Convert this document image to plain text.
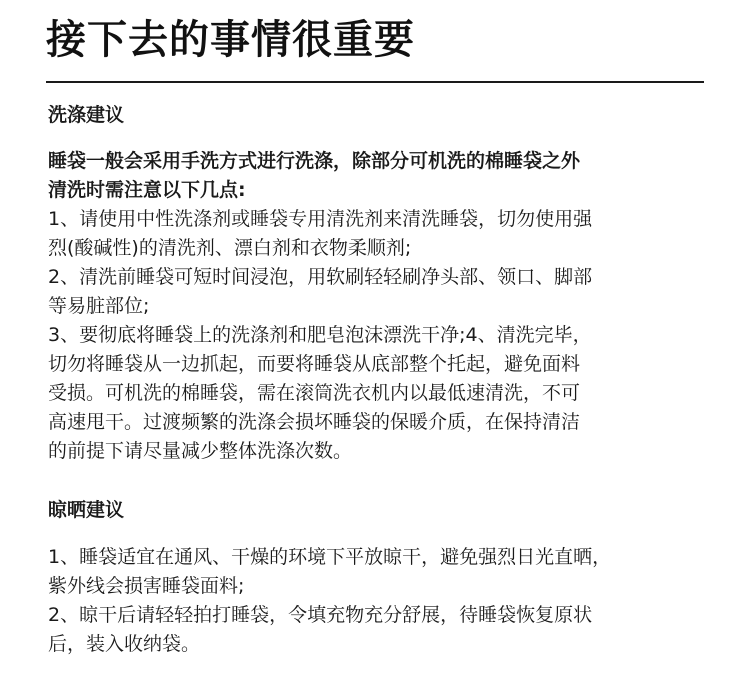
接下去的事情很重要
洗涤建议
睡袋一般会采用手洗方式进行洗涤，除部分可机洗的棉睡袋之外
清洗时需注意以下几点:
1、请使用中性洗涤剂或睡袋专用清洗剂来清洗睡袋，切勿使用强
烈(酸碱性)的清洗剂、漂白剂和衣物柔顺剂;
2、清洗前睡袋可短时间浸泡，用软刷轻轻刷净头部、领口、脚部
等易脏部位;
3、要彻底将睡袋上的洗涤剂和肥皂泡沫漂洗干净;4、清洗完毕，
切勿将睡袋从一边抓起，而要将睡袋从底部整个托起，避免面料
受损。可机洗的棉睡袋，需在滚筒洗衣机内以最低速清洗，不可
高速甩干。过渡频繁的洗涤会损坏睡袋的保暖介质，在保持清洁
的前提下请尽量减少整体洗涤次数。
晾晒建议
1、睡袋适宜在通风、干燥的环境下平放晾干，避免强烈日光直晒，
紫外线会损害睡袋面料;
2、晾干后请轻轻拍打睡袋，令填充物充分舒展，待睡袋恢复原状
后，装入收纳袋。
